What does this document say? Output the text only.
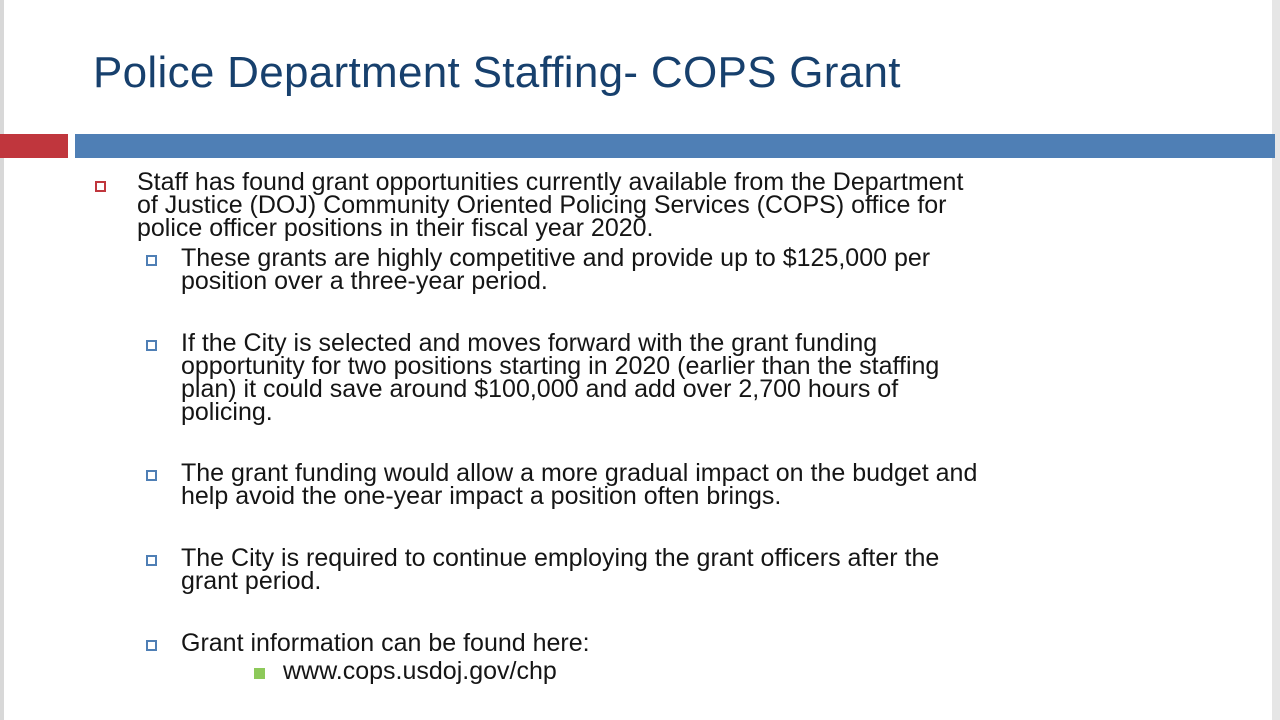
Police Department Staffing- COPS Grant
Staff has found grant opportunities currently available from the Department
of Justice (DOJ) Community Oriented Policing Services (COPS) office for
police officer positions in their fiscal year 2020.
These grants are highly competitive and provide up to $125,000 per
position over a three-year period.
If the City is selected and moves forward with the grant funding
opportunity for two positions starting in 2020 (earlier than the staffing
plan) it could save around $100,000 and add over 2,700 hours of
policing.
The grant funding would allow a more gradual impact on the budget and
help avoid the one-year impact a position often brings.
The City is required to continue employing the grant officers after the
grant period.
Grant information can be found here:
www.cops.usdoj.gov/chp
